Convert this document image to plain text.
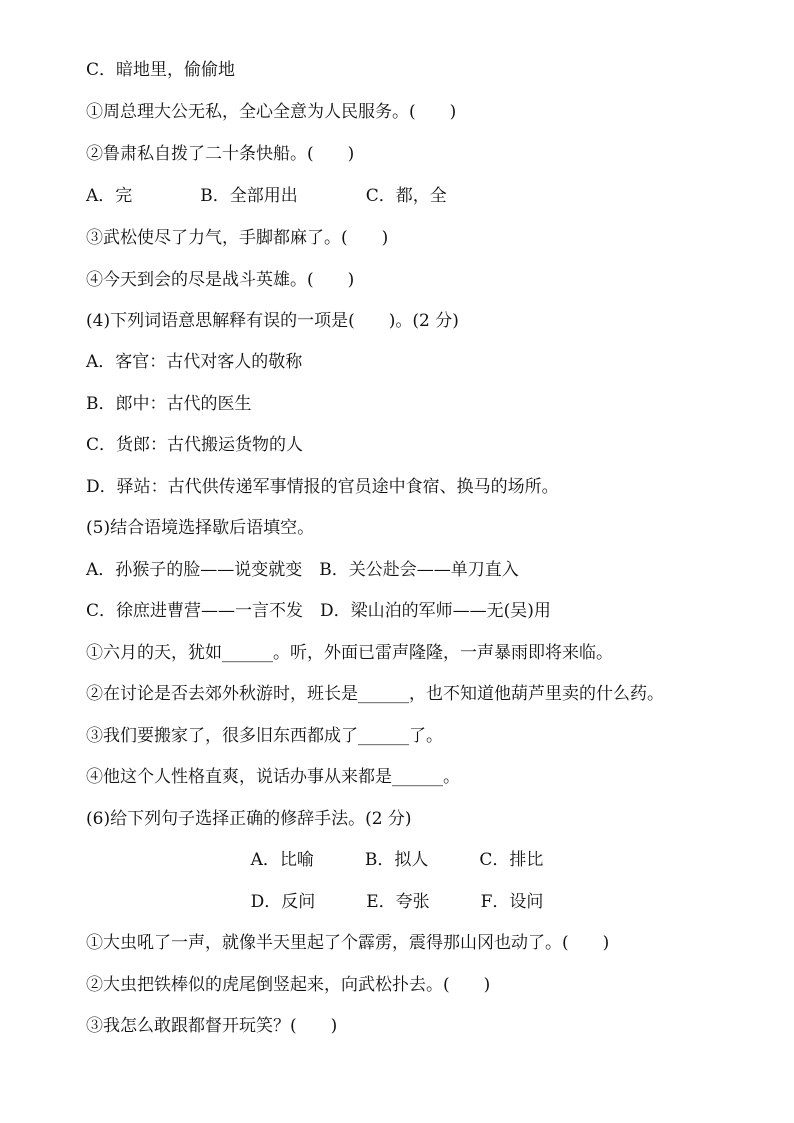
C．暗地里，偷偷地
①周总理大公无私，全心全意为人民服务。(　　)
②鲁肃私自拨了二十条快船。(　　)
A．完　　　　B．全部用出　　　　C．都，全
③武松使尽了力气，手脚都麻了。(　　)
④今天到会的尽是战斗英雄。(　　)
(4)下列词语意思解释有误的一项是(　　)。(2 分)
A．客官：古代对客人的敬称
B．郎中：古代的医生
C．货郎：古代搬运货物的人
D．驿站：古代供传递军事情报的官员途中食宿、换马的场所。
(5)结合语境选择歇后语填空。
A．孙猴子的脸——说变就变　B．关公赴会——单刀直入
C．徐庶进曹营——一言不发　D．梁山泊的军师——无(吴)用
①六月的天，犹如______。听，外面已雷声隆隆，一声暴雨即将来临。
②在讨论是否去郊外秋游时，班长是______，也不知道他葫芦里卖的什么药。
③我们要搬家了，很多旧东西都成了______了。
④他这个人性格直爽，说话办事从来都是______。
(6)给下列句子选择正确的修辞手法。(2 分)
A．比喻　　　B．拟人　　　C．排比
D．反问　　　E．夸张　　　F．设问
①大虫吼了一声，就像半天里起了个霹雳，震得那山冈也动了。(　　)
②大虫把铁棒似的虎尾倒竖起来，向武松扑去。(　　)
③我怎么敢跟都督开玩笑？(　　)
